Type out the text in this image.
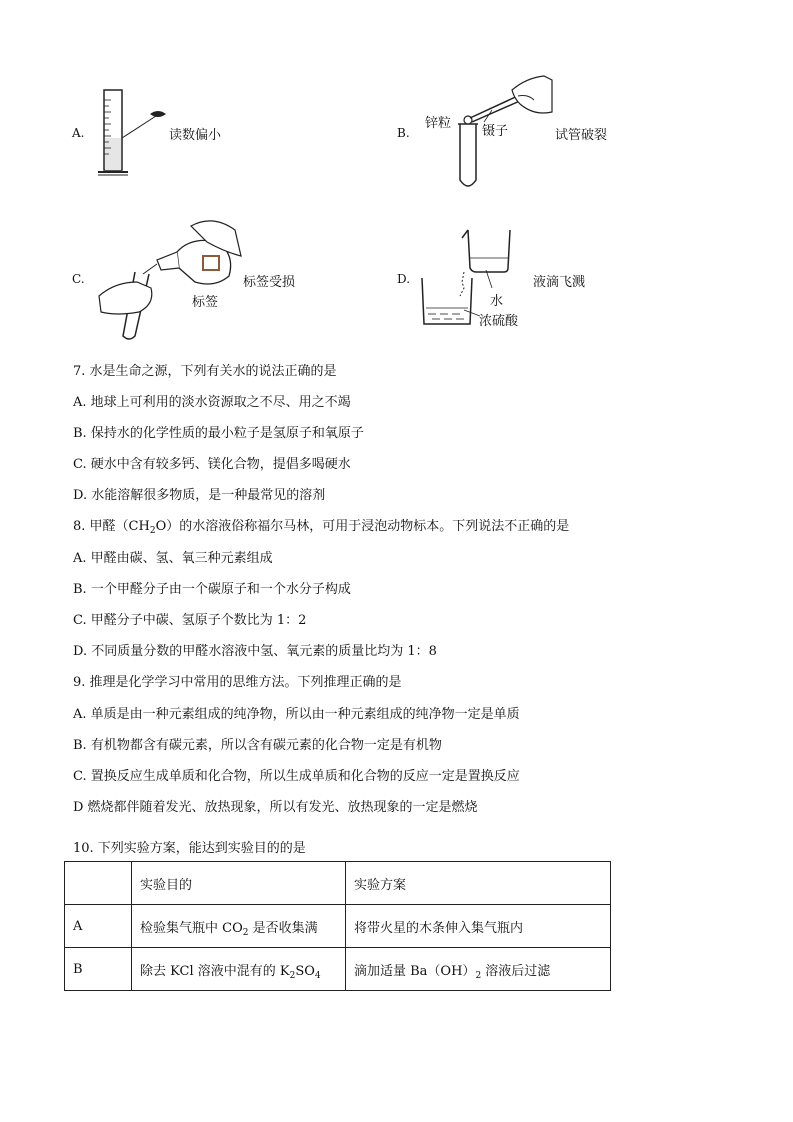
A.	读数偏小	B.
锌粒
镊子	试管破裂
C.
标签
标签受损	D.
水
浓硫酸
液滴飞溅
7. 水是生命之源，下列有关水的说法正确的是
A. 地球上可利用的淡水资源取之不尽、用之不竭
B. 保持水的化学性质的最小粒子是氢原子和氧原子
C. 硬水中含有较多钙、镁化合物，提倡多喝硬水
D. 水能溶解很多物质，是一种最常见的溶剂
8. 甲醛$(CH_2O)$的水溶液俗称福尔马林，可用于浸泡动物标本。下列说法不正确的是
A. 甲醛由碳、氢、氧三种元素组成
B. 一个甲醛分子由一个碳原子和一个水分子构成
C. 甲醛分子中碳、氢原子个数比为 1：2
D. 不同质量分数的甲醛水溶液中氢、氧元素的质量比均为 1：8
9. 推理是化学学习中常用的思维方法。下列推理正确的是
A. 单质是由一种元素组成的纯净物，所以由一种元素组成的纯净物一定是单质
B. 有机物都含有碳元素，所以含有碳元素的化合物一定是有机物
C. 置换反应生成单质和化合物，所以生成单质和化合物的反应一定是置换反应
D 燃烧都伴随着发光、放热现象，所以有发光、放热现象的一定是燃烧
10. 下列实验方案，能达到实验目的的是
	实验目的	实验方案
A	检验集气瓶中 $CO_2$ 是否收集满	将带火星的木条伸入集气瓶内
B	除去 KCl 溶液中混有的 $K_2SO_4$	滴加适量 $Ba(OH)_2$ 溶液后过滤
